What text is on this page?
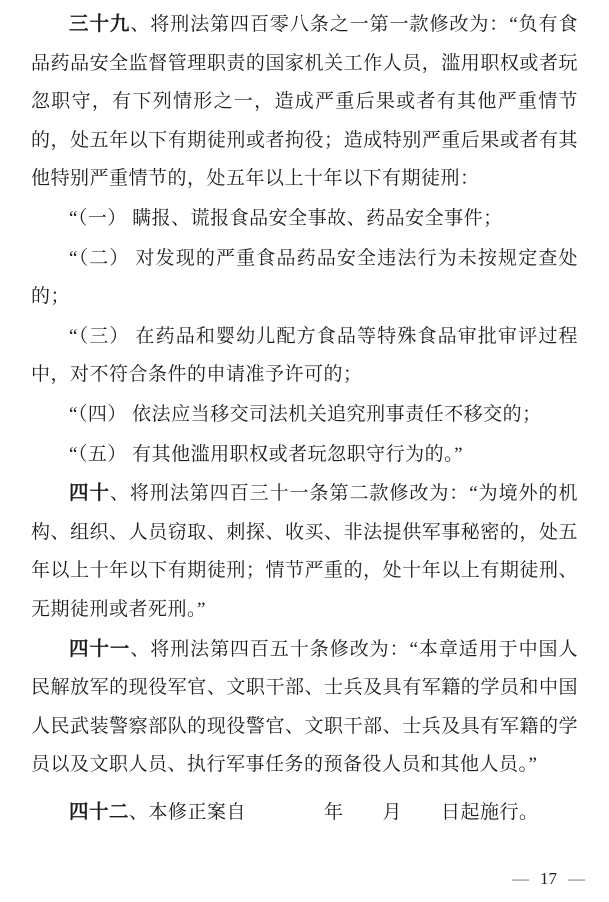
三十九、将刑法第四百零八条之一第一款修改为：“负有食品药品安全监督管理职责的国家机关工作人员，滥用职权或者玩忽职守，有下列情形之一，造成严重后果或者有其他严重情节的，处五年以下有期徒刑或者拘役；造成特别严重后果或者有其他特别严重情节的，处五年以上十年以下有期徒刑：

“（一） 瞒报、谎报食品安全事故、药品安全事件；

“（二） 对发现的严重食品药品安全违法行为未按规定查处的；

“（三） 在药品和婴幼儿配方食品等特殊食品审批审评过程中，对不符合条件的申请准予许可的；

“（四） 依法应当移交司法机关追究刑事责任不移交的；

“（五） 有其他滥用职权或者玩忽职守行为的。”

四十、将刑法第四百三十一条第二款修改为：“为境外的机构、组织、人员窃取、刺探、收买、非法提供军事秘密的，处五年以上十年以下有期徒刑；情节严重的，处十年以上有期徒刑、无期徒刑或者死刑。”

四十一、将刑法第四百五十条修改为：“本章适用于中国人民解放军的现役军官、文职干部、士兵及具有军籍的学员和中国人民武装警察部队的现役警官、文职干部、士兵及具有军籍的学员以及文职人员、执行军事任务的预备役人员和其他人员。”

四十二、本修正案自　　　　年　　月　　日起施行。

— 17 —
